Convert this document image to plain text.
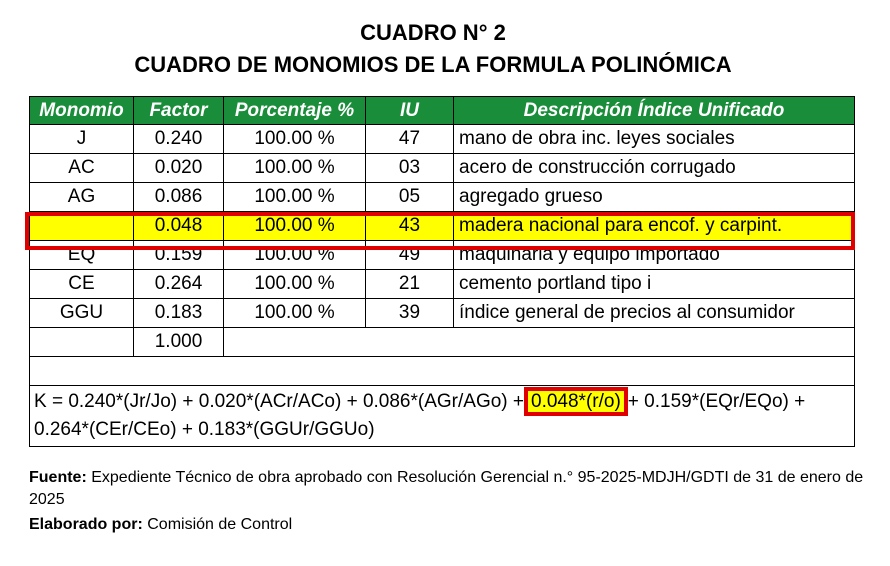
CUADRO N° 2
CUADRO DE MONOMIOS DE LA FORMULA POLINÓMICA
Monomio	Factor	Porcentaje %	IU	Descripción Índice Unificado
J	0.240	100.00 %	47	mano de obra inc. leyes sociales
AC	0.020	100.00 %	03	acero de construcción corrugado
AG	0.086	100.00 %	05	agregado grueso
	0.048	100.00 %	43	madera nacional para encof. y carpint.
EQ	0.159	100.00 %	49	maquinaria y equipo importado
CE	0.264	100.00 %	21	cemento portland tipo i
GGU	0.183	100.00 %	39	índice general de precios al consumidor
	1.000			

K = 0.240*(Jr/Jo) + 0.020*(ACr/ACo) + 0.086*(AGr/AGo) + 0.048*(r/o) + 0.159*(EQr/EQo) + 0.264*(CEr/CEo) + 0.183*(GGUr/GGUo)				
Fuente: Expediente Técnico de obra aprobado con Resolución Gerencial n.° 95-2025-MDJH/GDTI de 31 de enero de 2025
Elaborado por: Comisión de Control
